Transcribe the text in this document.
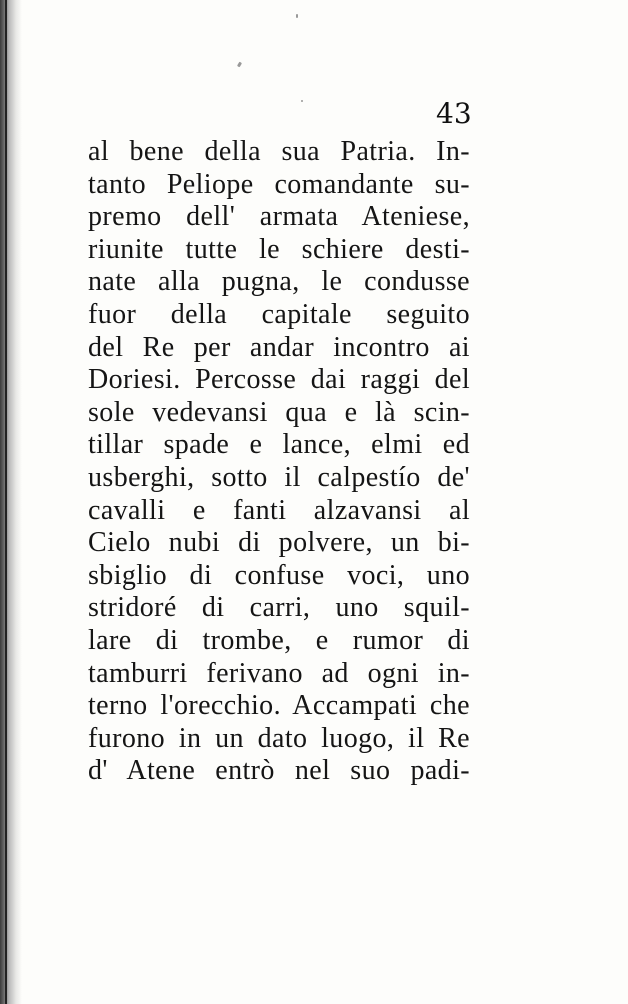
43

al bene della sua Patria. In-
tanto Peliope comandante su-
premo dell' armata Ateniese,
riunite tutte le schiere desti-
nate alla pugna, le condusse
fuor della capitale seguito
del Re per andar incontro ai
Doriesi. Percosse dai raggi del
sole vedevansi qua e là scin-
tillar spade e lance, elmi ed
usberghi, sotto il calpestío de'
cavalli e fanti alzavansi al
Cielo nubi di polvere, un bi-
sbiglio di confuse voci, uno
stridoré di carri, uno squil-
lare di trombe, e rumor di
tamburri ferivano ad ogni in-
terno l'orecchio. Accampati che
furono in un dato luogo, il Re
d' Atene entrò nel suo padi-
